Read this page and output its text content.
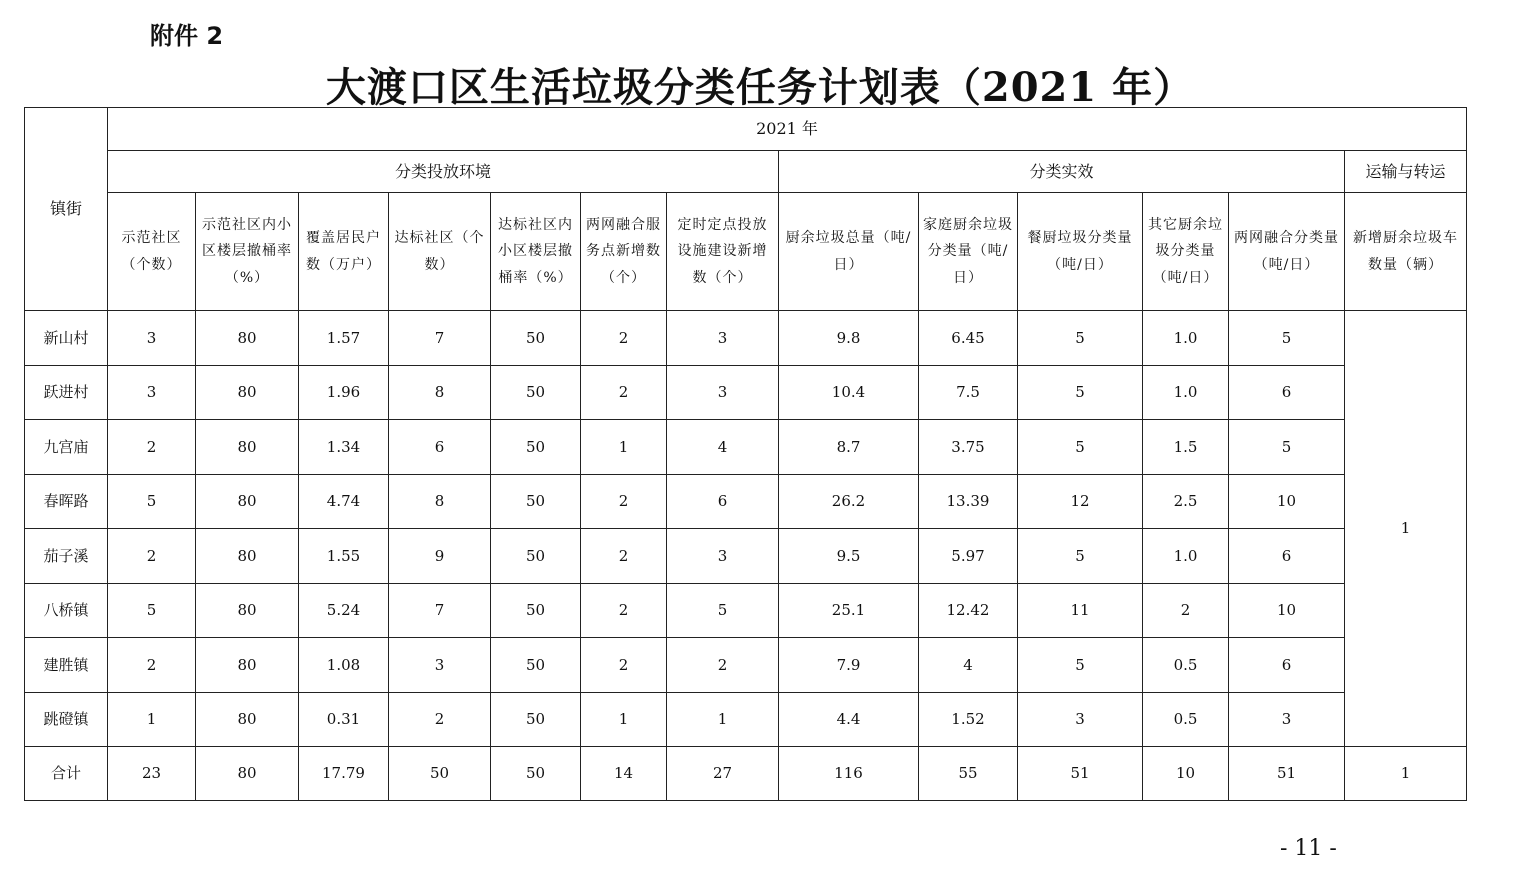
附件 2
大渡口区生活垃圾分类任务计划表（2021 年）
镇街	2021 年												
	分类投放环境							分类实效					运输与转运
	示范社区（个数）	示范社区内小区楼层撤桶率（%）	覆盖居民户数（万户）	达标社区（个数）	达标社区内小区楼层撤桶率（%）	两网融合服务点新增数（个）	定时定点投放设施建设新增数（个）	厨余垃圾总量（吨/日）	家庭厨余垃圾分类量（吨/日）	餐厨垃圾分类量（吨/日）	其它厨余垃圾分类量（吨/日）	两网融合分类量（吨/日）	新增厨余垃圾车数量（辆）
新山村	3	80	1.57	7	50	2	3	9.8	6.45	5	1.0	5	1
跃进村	3	80	1.96	8	50	2	3	10.4	7.5	5	1.0	6	
九宫庙	2	80	1.34	6	50	1	4	8.7	3.75	5	1.5	5	
春晖路	5	80	4.74	8	50	2	6	26.2	13.39	12	2.5	10	
茄子溪	2	80	1.55	9	50	2	3	9.5	5.97	5	1.0	6	
八桥镇	5	80	5.24	7	50	2	5	25.1	12.42	11	2	10	
建胜镇	2	80	1.08	3	50	2	2	7.9	4	5	0.5	6	
跳磴镇	1	80	0.31	2	50	1	1	4.4	1.52	3	0.5	3	
合计	23	80	17.79	50	50	14	27	116	55	51	10	51	1
- 11 -
